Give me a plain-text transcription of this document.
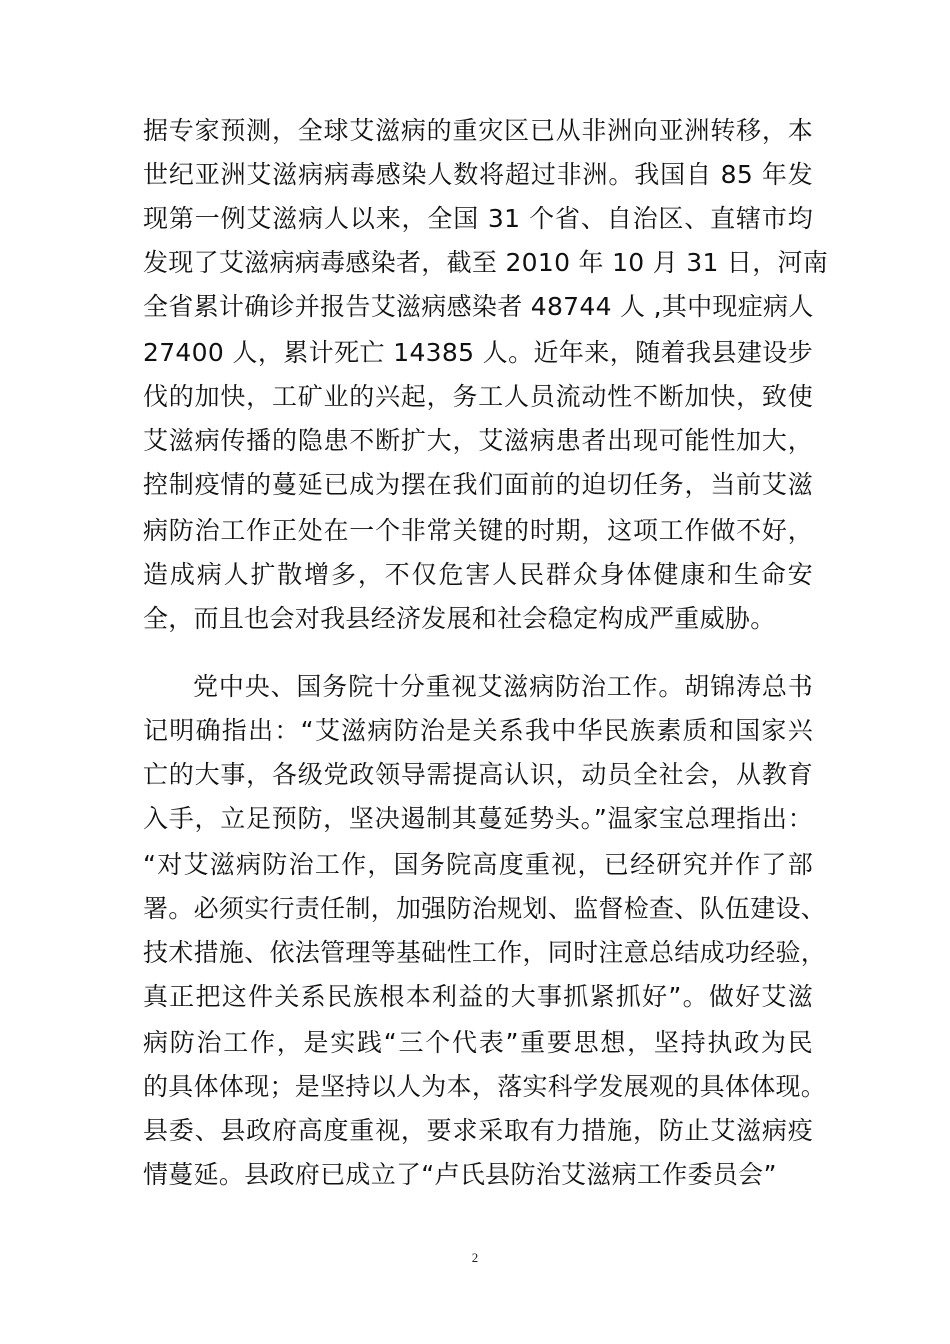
据专家预测，全球艾滋病的重灾区已从非洲向亚洲转移，本
世纪亚洲艾滋病病毒感染人数将超过非洲。我国自 85 年发
现第一例艾滋病人以来，全国 31 个省、自治区、直辖市均
发现了艾滋病病毒感染者，截至 2010 年 10 月 31 日，河南
全省累计确诊并报告艾滋病感染者 48744 人 ,其中现症病人
27400 人，累计死亡 14385 人。近年来，随着我县建设步
伐的加快，工矿业的兴起，务工人员流动性不断加快，致使
艾滋病传播的隐患不断扩大，艾滋病患者出现可能性加大，
控制疫情的蔓延已成为摆在我们面前的迫切任务，当前艾滋
病防治工作正处在一个非常关键的时期，这项工作做不好，
造成病人扩散增多，不仅危害人民群众身体健康和生命安
全，而且也会对我县经济发展和社会稳定构成严重威胁。
党中央、国务院十分重视艾滋病防治工作。胡锦涛总书
记明确指出：“艾滋病防治是关系我中华民族素质和国家兴
亡的大事，各级党政领导需提高认识，动员全社会，从教育
入手，立足预防，坚决遏制其蔓延势头。”温家宝总理指出：
“对艾滋病防治工作，国务院高度重视，已经研究并作了部
署。必须实行责任制，加强防治规划、监督检查、队伍建设、
技术措施、依法管理等基础性工作，同时注意总结成功经验，
真正把这件关系民族根本利益的大事抓紧抓好”。做好艾滋
病防治工作，是实践“三个代表”重要思想，坚持执政为民
的具体体现；是坚持以人为本，落实科学发展观的具体体现。
县委、县政府高度重视，要求采取有力措施，防止艾滋病疫
情蔓延。县政府已成立了“卢氏县防治艾滋病工作委员会”
2
